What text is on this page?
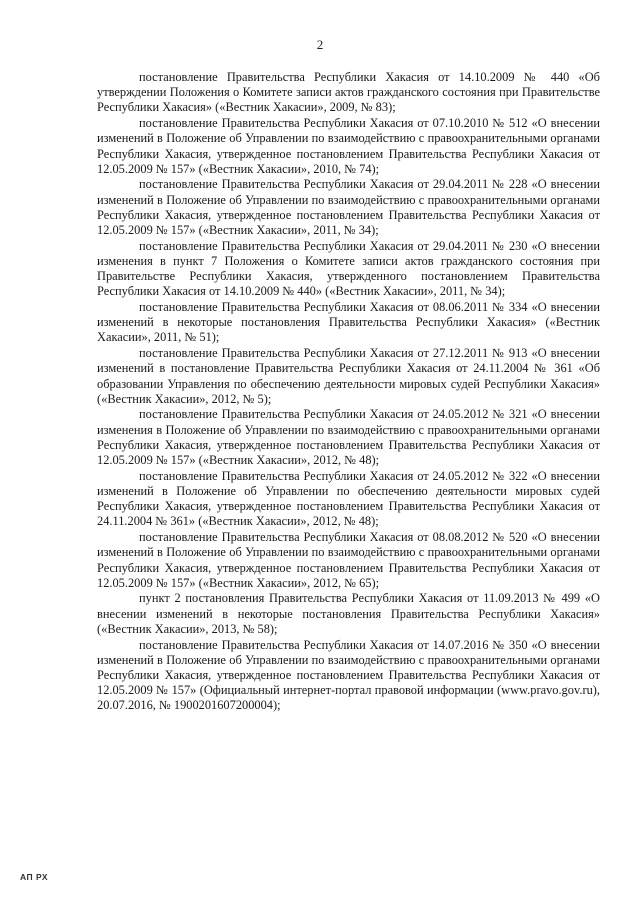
2

постановление Правительства Республики Хакасия от 14.10.2009 № 440 «Об утверждении Положения о Комитете записи актов гражданского состояния при Правительстве Республики Хакасия» («Вестник Хакасии», 2009, № 83);

постановление Правительства Республики Хакасия от 07.10.2010 № 512 «О внесении изменений в Положение об Управлении по взаимодействию с правоохранительными органами Республики Хакасия, утвержденное постановлением Правительства Республики Хакасия от 12.05.2009 № 157» («Вестник Хакасии», 2010, № 74);

постановление Правительства Республики Хакасия от 29.04.2011 № 228 «О внесении изменений в Положение об Управлении по взаимодействию с правоохранительными органами Республики Хакасия, утвержденное постановлением Правительства Республики Хакасия от 12.05.2009 № 157» («Вестник Хакасии», 2011, № 34);

постановление Правительства Республики Хакасия от 29.04.2011 № 230 «О внесении изменения в пункт 7 Положения о Комитете записи актов гражданского состояния при Правительстве Республики Хакасия, утвержденного постановлением Правительства Республики Хакасия от 14.10.2009 № 440» («Вестник Хакасии», 2011, № 34);

постановление Правительства Республики Хакасия от 08.06.2011 № 334 «О внесении изменений в некоторые постановления Правительства Республики Хакасия» («Вестник Хакасии», 2011, № 51);

постановление Правительства Республики Хакасия от 27.12.2011 № 913 «О внесении изменений в постановление Правительства Республики Хакасия от 24.11.2004 № 361 «Об образовании Управления по обеспечению деятельности мировых судей Республики Хакасия» («Вестник Хакасии», 2012, № 5);

постановление Правительства Республики Хакасия от 24.05.2012 № 321 «О внесении изменения в Положение об Управлении по взаимодействию с правоохранительными органами Республики Хакасия, утвержденное постановлением Правительства Республики Хакасия от 12.05.2009 № 157» («Вестник Хакасии», 2012, № 48);

постановление Правительства Республики Хакасия от 24.05.2012 № 322 «О внесении изменений в Положение об Управлении по обеспечению деятельности мировых судей Республики Хакасия, утвержденное постановлением Правительства Республики Хакасия от 24.11.2004 № 361» («Вестник Хакасии», 2012, № 48);

постановление Правительства Республики Хакасия от 08.08.2012 № 520 «О внесении изменений в Положение об Управлении по взаимодействию с правоохранительными органами Республики Хакасия, утвержденное постановлением Правительства Республики Хакасия от 12.05.2009 № 157» («Вестник Хакасии», 2012, № 65);

пункт 2 постановления Правительства Республики Хакасия от 11.09.2013 № 499 «О внесении изменений в некоторые постановления Правительства Республики Хакасия» («Вестник Хакасии», 2013, № 58);

постановление Правительства Республики Хакасия от 14.07.2016 № 350 «О внесении изменений в Положение об Управлении по взаимодействию с правоохранительными органами Республики Хакасия, утвержденное постановлением Правительства Республики Хакасия от 12.05.2009 № 157» (Официальный интернет-портал правовой информации (www.pravo.gov.ru), 20.07.2016, № 1900201607200004);

АП РХ
